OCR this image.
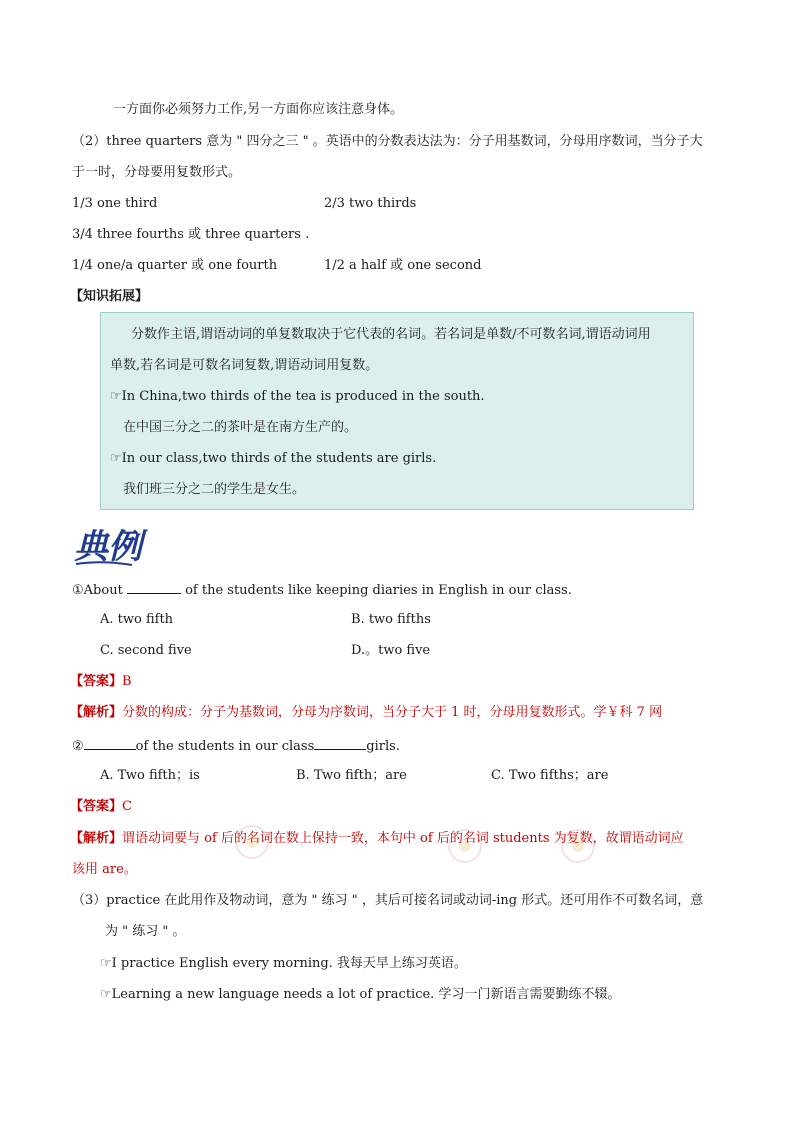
一方面你必须努力工作,另一方面你应该注意身体。
（2）three quarters 意为 " 四分之三 " 。英语中的分数表达法为：分子用基数词，分母用序数词，当分子大
于一时，分母要用复数形式。
1/3 one third	2/3 two thirds
3/4 three fourths 或 three quarters .
1/4 one/a quarter 或 one fourth	1/2 a half 或 one second
【知识拓展】
分数作主语,谓语动词的单复数取决于它代表的名词。若名词是单数/不可数名词,谓语动词用
单数,若名词是可数名词复数,谓语动词用复数。
☞In China,two thirds of the tea is produced in the south.
在中国三分之二的茶叶是在南方生产的。
☞In our class,two thirds of the students are girls.
我们班三分之二的学生是女生。
典例
①About	of the students like keeping diaries in English in our class.
A. two fifth	B. two fifths
C. second five	D.。two five
【答案】B
【解析】分数的构成：分子为基数词，分母为序数词，当分子大于 1 时，分母用复数形式。学￥科 7 网
②	of the students in our class	girls.
A. Two fifth；is	B. Two fifth；are	C. Two fifths；are
【答案】C
【解析】谓语动词要与 of 后的名词在数上保持一致，本句中 of 后的名词 students 为复数，故谓语动词应
该用 are。
（3）practice 在此用作及物动词，意为 " 练习 " ，其后可接名词或动词-ing 形式。还可用作不可数名词，意
为 " 练习 " 。
☞I practice English every morning. 我每天早上练习英语。
☞Learning a new language needs a lot of practice. 学习一门新语言需要勤练不辍。
